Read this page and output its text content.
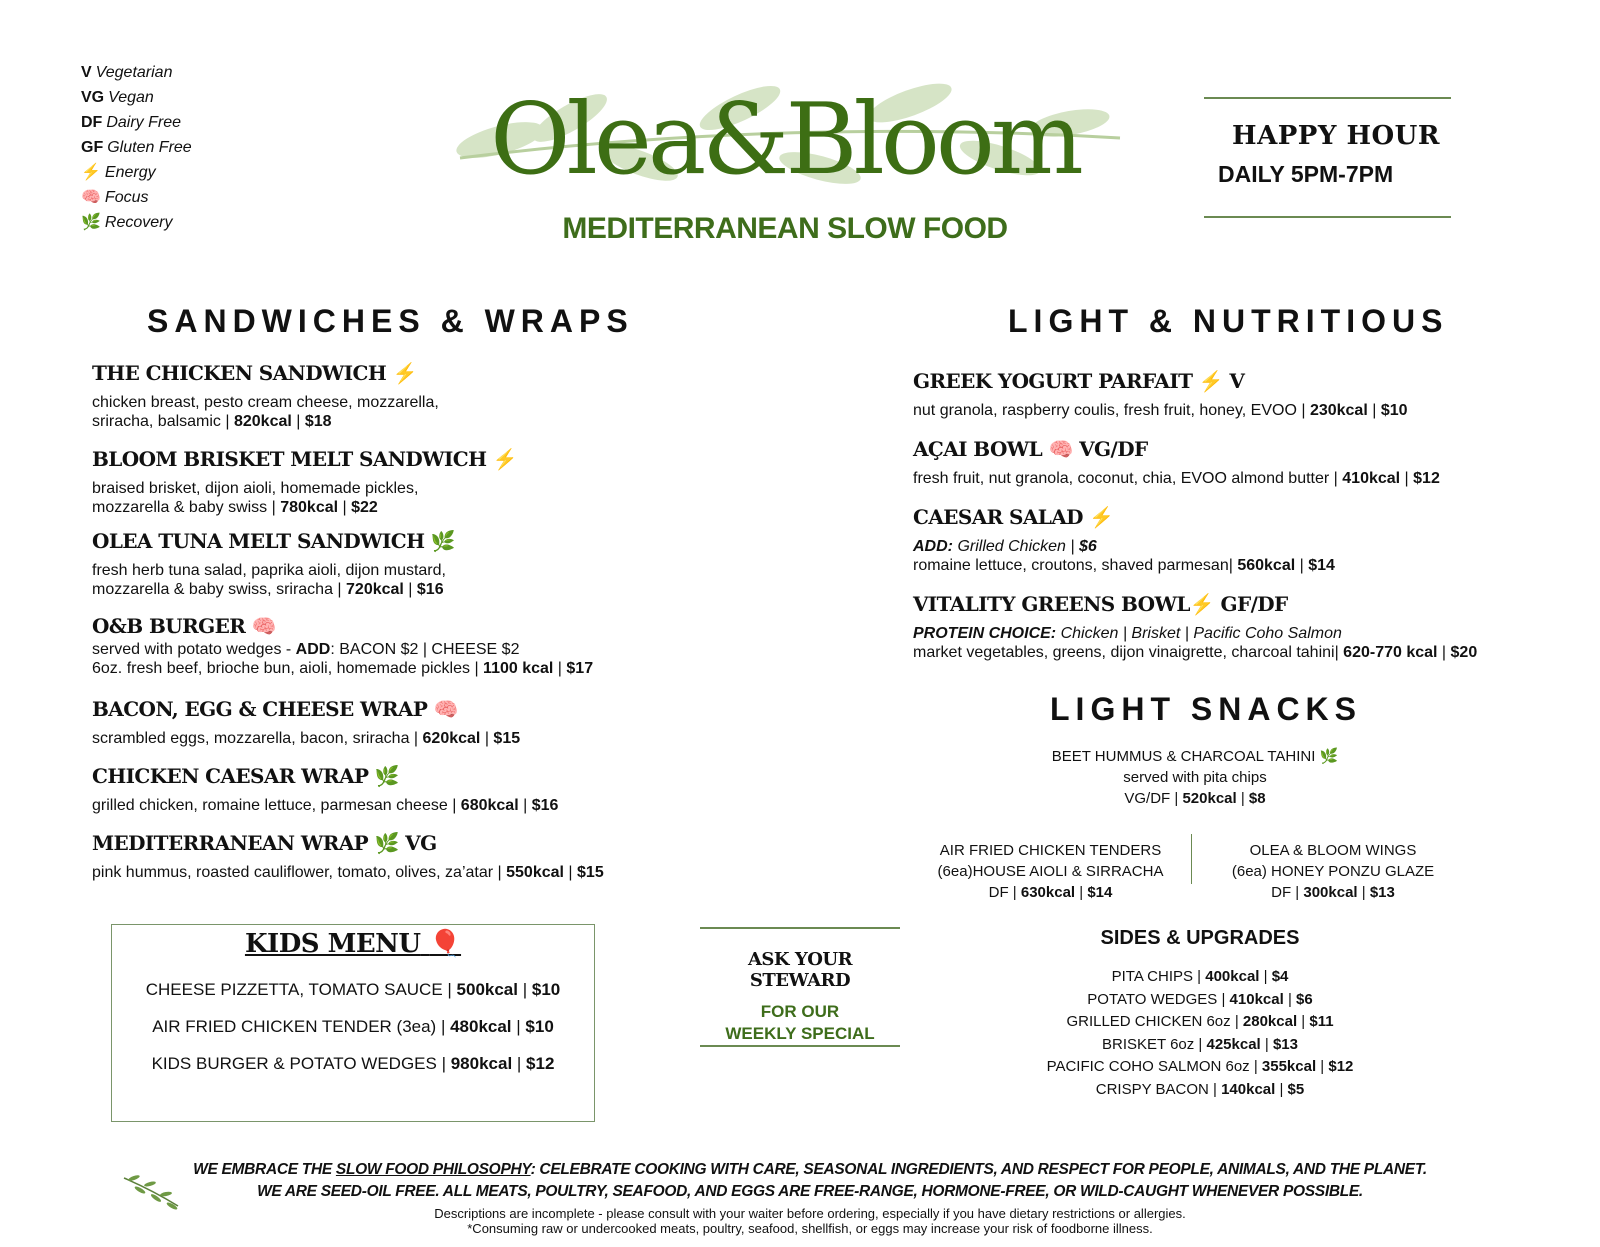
V Vegetarian
VG Vegan
DF Dairy Free
GF Gluten Free
⚡ Energy
🧠 Focus
🌿 Recovery
Olea&Bloom
MEDITERRANEAN SLOW FOOD
HAPPY HOUR
DAILY 5PM-7PM
SANDWICHES & WRAPS
THE CHICKEN SANDWICH ⚡
chicken breast, pesto cream cheese, mozzarella,
sriracha, balsamic | 820kcal | $18
BLOOM BRISKET MELT SANDWICH ⚡
braised brisket, dijon aioli, homemade pickles,
mozzarella & baby swiss | 780kcal | $22
OLEA TUNA MELT SANDWICH 🌿
fresh herb tuna salad, paprika aioli, dijon mustard,
mozzarella & baby swiss, sriracha | 720kcal | $16
O&B BURGER 🧠
served with potato wedges - ADD: BACON $2 | CHEESE $2
6oz. fresh beef, brioche bun, aioli, homemade pickles | 1100 kcal | $17
BACON, EGG & CHEESE WRAP 🧠
scrambled eggs, mozzarella, bacon, sriracha | 620kcal | $15
CHICKEN CAESAR WRAP 🌿
grilled chicken, romaine lettuce, parmesan cheese | 680kcal | $16
MEDITERRANEAN WRAP 🌿 VG
pink hummus, roasted cauliflower, tomato, olives, za’atar | 550kcal | $15
LIGHT & NUTRITIOUS
GREEK YOGURT PARFAIT ⚡ V
nut granola, raspberry coulis, fresh fruit, honey, EVOO | 230kcal | $10
AÇAI BOWL 🧠 VG/DF
fresh fruit, nut granola, coconut, chia, EVOO almond butter | 410kcal | $12
CAESAR SALAD ⚡
ADD: Grilled Chicken | $6
romaine lettuce, croutons, shaved parmesan| 560kcal | $14
VITALITY GREENS BOWL⚡ GF/DF
PROTEIN CHOICE: Chicken | Brisket | Pacific Coho Salmon
market vegetables, greens, dijon vinaigrette, charcoal tahini| 620-770 kcal | $20
LIGHT SNACKS
BEET HUMMUS & CHARCOAL TAHINI 🌿
served with pita chips
VG/DF | 520kcal | $8
AIR FRIED CHICKEN TENDERS
(6ea)HOUSE AIOLI & SIRRACHA
DF | 630kcal | $14
OLEA & BLOOM WINGS
(6ea) HONEY PONZU GLAZE
DF | 300kcal | $13
SIDES & UPGRADES
PITA CHIPS | 400kcal | $4
POTATO WEDGES | 410kcal | $6
GRILLED CHICKEN 6oz | 280kcal | $11
BRISKET 6oz | 425kcal | $13
PACIFIC COHO SALMON 6oz | 355kcal | $12
CRISPY BACON | 140kcal | $5
KIDS MENU 🎈
CHEESE PIZZETTA, TOMATO SAUCE | 500kcal | $10
AIR FRIED CHICKEN TENDER (3ea) | 480kcal | $10
KIDS BURGER & POTATO WEDGES | 980kcal | $12
ASK YOUR STEWARD
FOR OUR
WEEKLY SPECIAL
WE EMBRACE THE SLOW FOOD PHILOSOPHY: CELEBRATE COOKING WITH CARE, SEASONAL INGREDIENTS, AND RESPECT FOR PEOPLE, ANIMALS, AND THE PLANET.
WE ARE SEED-OIL FREE. ALL MEATS, POULTRY, SEAFOOD, AND EGGS ARE FREE-RANGE, HORMONE-FREE, OR WILD-CAUGHT WHENEVER POSSIBLE.
Descriptions are incomplete - please consult with your waiter before ordering, especially if you have dietary restrictions or allergies.
*Consuming raw or undercooked meats, poultry, seafood, shellfish, or eggs may increase your risk of foodborne illness.
